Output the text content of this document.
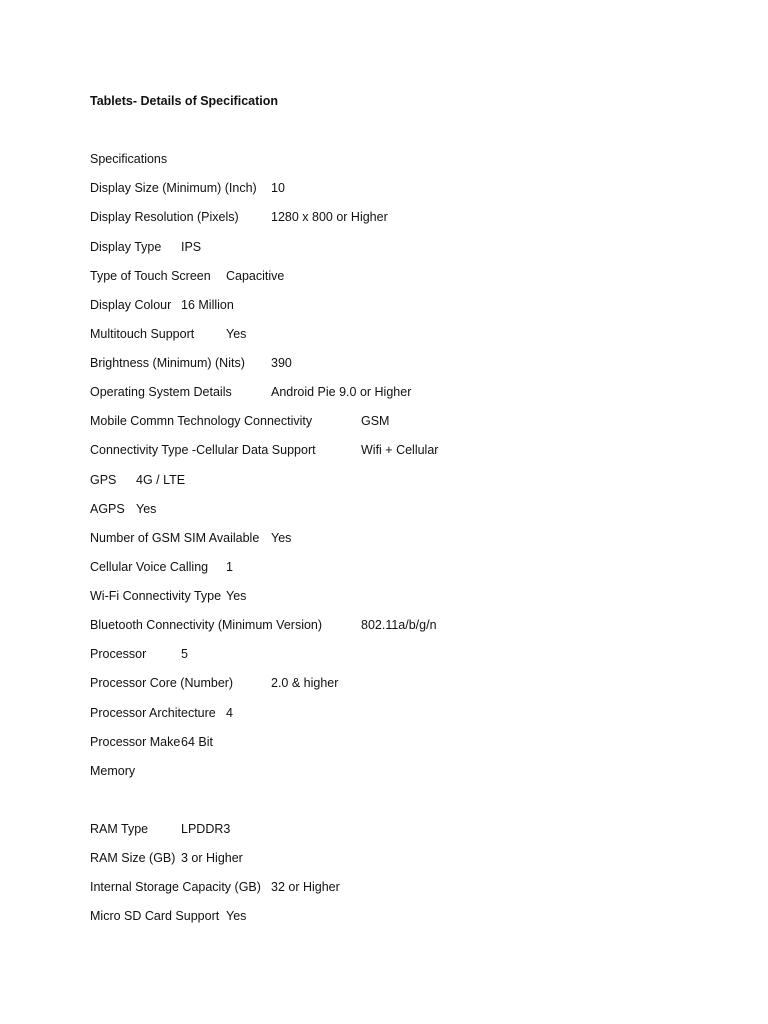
Tablets- Details of Specification
Specifications
Display Size (Minimum) (Inch) 10
Display Resolution (Pixels)	1280 x 800 or Higher
Display Type IPS
Type of Touch Screen Capacitive
Display Colour 16 Million
Multitouch Support	Yes
Brightness (Minimum) (Nits) 390
Operating System Details	Android Pie 9.0 or Higher
Mobile Commn Technology Connectivity	GSM
Connectivity Type -Cellular Data Support	Wifi + Cellular
GPS 4G / LTE
AGPS Yes
Number of GSM SIM Available Yes
Cellular Voice Calling 1
Wi-Fi Connectivity Type Yes
Bluetooth Connectivity (Minimum Version)	802.11a/b/g/n
Processor	5
Processor Core (Number)	2.0 & higher
Processor Architecture 4
Processor Make 64 Bit
Memory
RAM Type	LPDDR3
RAM Size (GB) 3 or Higher
Internal Storage Capacity (GB) 32 or Higher
Micro SD Card Support Yes
